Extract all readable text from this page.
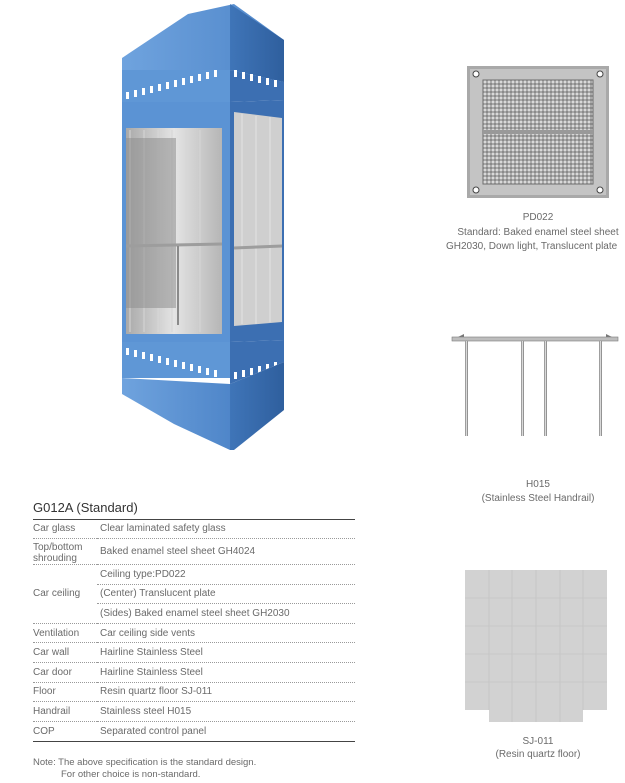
PD022
Standard: Baked enamel steel sheet
GH2030, Down light, Translucent plate
H015
(Stainless Steel Handrail)
SJ-011
(Resin quartz floor)
G012A (Standard)
Car glass	Clear laminated safety glass
Top/bottom shrouding	Baked enamel steel sheet GH4024
Car ceiling	Ceiling type:PD022
	(Center) Translucent plate
	(Sides) Baked enamel steel sheet GH2030
Ventilation	Car ceiling side vents
Car wall	Hairline Stainless Steel
Car door	Hairline Stainless Steel
Floor	Resin quartz floor SJ-011
Handrail	Stainless steel H015
COP	Separated control panel
Note: The above specification is the standard design.
For other choice is non-standard.
